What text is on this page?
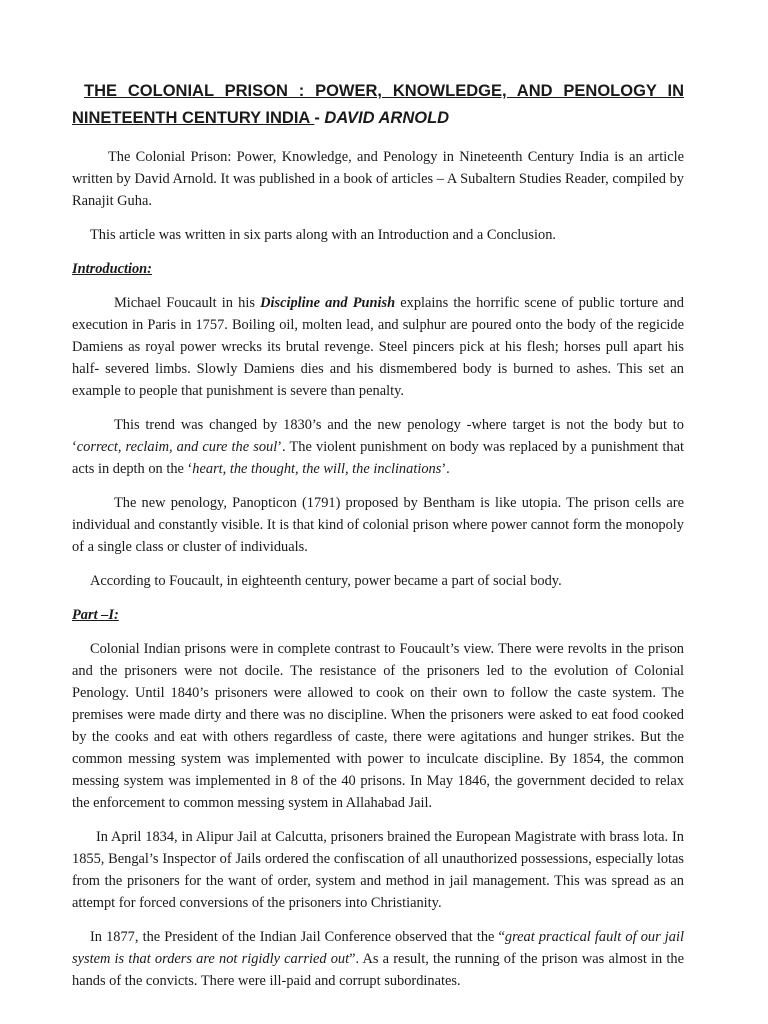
THE COLONIAL PRISON : POWER, KNOWLEDGE, AND PENOLOGY IN
NINETEENTH CENTURY INDIA - DAVID ARNOLD

The Colonial Prison: Power, Knowledge, and Penology in Nineteenth Century India is an article written by David Arnold. It was published in a book of articles – A Subaltern Studies Reader, compiled by Ranajit Guha.

This article was written in six parts along with an Introduction and a Conclusion.

Introduction:

Michael Foucault in his Discipline and Punish explains the horrific scene of public torture and execution in Paris in 1757. Boiling oil, molten lead, and sulphur are poured onto the body of the regicide Damiens as royal power wrecks its brutal revenge. Steel pincers pick at his flesh; horses pull apart his half- severed limbs. Slowly Damiens dies and his dismembered body is burned to ashes. This set an example to people that punishment is severe than penalty.

This trend was changed by 1830’s and the new penology -where target is not the body but to ‘correct, reclaim, and cure the soul’. The violent punishment on body was replaced by a punishment that acts in depth on the ‘heart, the thought, the will, the inclinations’.

The new penology, Panopticon (1791) proposed by Bentham is like utopia. The prison cells are individual and constantly visible. It is that kind of colonial prison where power cannot form the monopoly of a single class or cluster of individuals.

According to Foucault, in eighteenth century, power became a part of social body.

Part –I:

Colonial Indian prisons were in complete contrast to Foucault’s view. There were revolts in the prison and the prisoners were not docile. The resistance of the prisoners led to the evolution of Colonial Penology. Until 1840’s prisoners were allowed to cook on their own to follow the caste system. The premises were made dirty and there was no discipline. When the prisoners were asked to eat food cooked by the cooks and eat with others regardless of caste, there were agitations and hunger strikes. But the common messing system was implemented with power to inculcate discipline. By 1854, the common messing system was implemented in 8 of the 40 prisons. In May 1846, the government decided to relax the enforcement to common messing system in Allahabad Jail.

In April 1834, in Alipur Jail at Calcutta, prisoners brained the European Magistrate with brass lota. In 1855, Bengal’s Inspector of Jails ordered the confiscation of all unauthorized possessions, especially lotas from the prisoners for the want of order, system and method in jail management. This was spread as an attempt for forced conversions of the prisoners into Christianity.

In 1877, the President of the Indian Jail Conference observed that the “great practical fault of our jail system is that orders are not rigidly carried out”. As a result, the running of the prison was almost in the hands of the convicts. There were ill-paid and corrupt subordinates.
